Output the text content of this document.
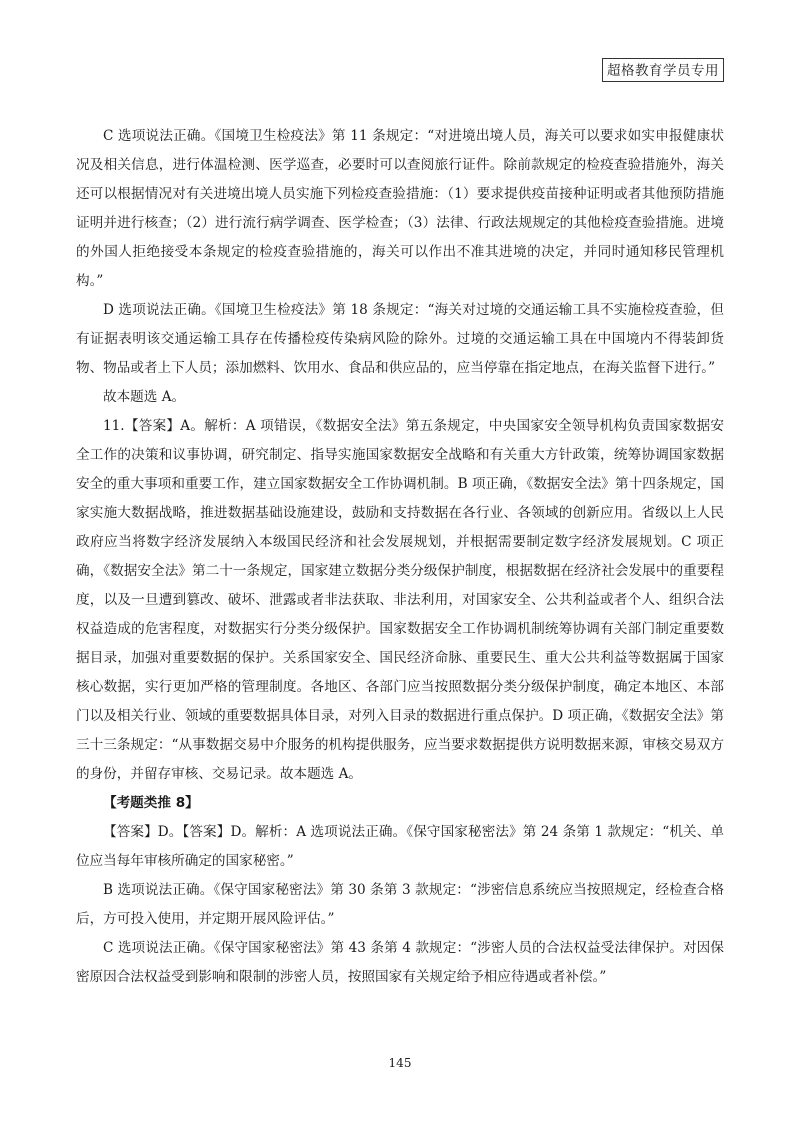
超格教育学员专用

C 选项说法正确。《国境卫生检疫法》第 11 条规定：“对进境出境人员，海关可以要求如实申报健康状况及相关信息，进行体温检测、医学巡查，必要时可以查阅旅行证件。除前款规定的检疫查验措施外，海关还可以根据情况对有关进境出境人员实施下列检疫查验措施：（1）要求提供疫苗接种证明或者其他预防措施证明并进行核查；（2）进行流行病学调查、医学检查；（3）法律、行政法规规定的其他检疫查验措施。进境的外国人拒绝接受本条规定的检疫查验措施的，海关可以作出不准其进境的决定，并同时通知移民管理机构。”

D 选项说法正确。《国境卫生检疫法》第 18 条规定：“海关对过境的交通运输工具不实施检疫查验，但有证据表明该交通运输工具存在传播检疫传染病风险的除外。过境的交通运输工具在中国境内不得装卸货物、物品或者上下人员；添加燃料、饮用水、食品和供应品的，应当停靠在指定地点，在海关监督下进行。”

故本题选 A。

11.【答案】A。解析：A 项错误，《数据安全法》第五条规定，中央国家安全领导机构负责国家数据安全工作的决策和议事协调，研究制定、指导实施国家数据安全战略和有关重大方针政策，统筹协调国家数据安全的重大事项和重要工作，建立国家数据安全工作协调机制。B 项正确，《数据安全法》第十四条规定，国家实施大数据战略，推进数据基础设施建设，鼓励和支持数据在各行业、各领域的创新应用。省级以上人民政府应当将数字经济发展纳入本级国民经济和社会发展规划，并根据需要制定数字经济发展规划。C 项正确，《数据安全法》第二十一条规定，国家建立数据分类分级保护制度，根据数据在经济社会发展中的重要程度，以及一旦遭到篡改、破坏、泄露或者非法获取、非法利用，对国家安全、公共利益或者个人、组织合法权益造成的危害程度，对数据实行分类分级保护。国家数据安全工作协调机制统筹协调有关部门制定重要数据目录，加强对重要数据的保护。关系国家安全、国民经济命脉、重要民生、重大公共利益等数据属于国家核心数据，实行更加严格的管理制度。各地区、各部门应当按照数据分类分级保护制度，确定本地区、本部门以及相关行业、领域的重要数据具体目录，对列入目录的数据进行重点保护。D 项正确，《数据安全法》第三十三条规定：“从事数据交易中介服务的机构提供服务，应当要求数据提供方说明数据来源，审核交易双方的身份，并留存审核、交易记录。故本题选 A。

【考题类推 8】

【答案】D。【答案】D。解析：A 选项说法正确。《保守国家秘密法》第 24 条第 1 款规定：“机关、单位应当每年审核所确定的国家秘密。”

B 选项说法正确。《保守国家秘密法》第 30 条第 3 款规定：“涉密信息系统应当按照规定，经检查合格后，方可投入使用，并定期开展风险评估。”

C 选项说法正确。《保守国家秘密法》第 43 条第 4 款规定：“涉密人员的合法权益受法律保护。对因保密原因合法权益受到影响和限制的涉密人员，按照国家有关规定给予相应待遇或者补偿。”

145
